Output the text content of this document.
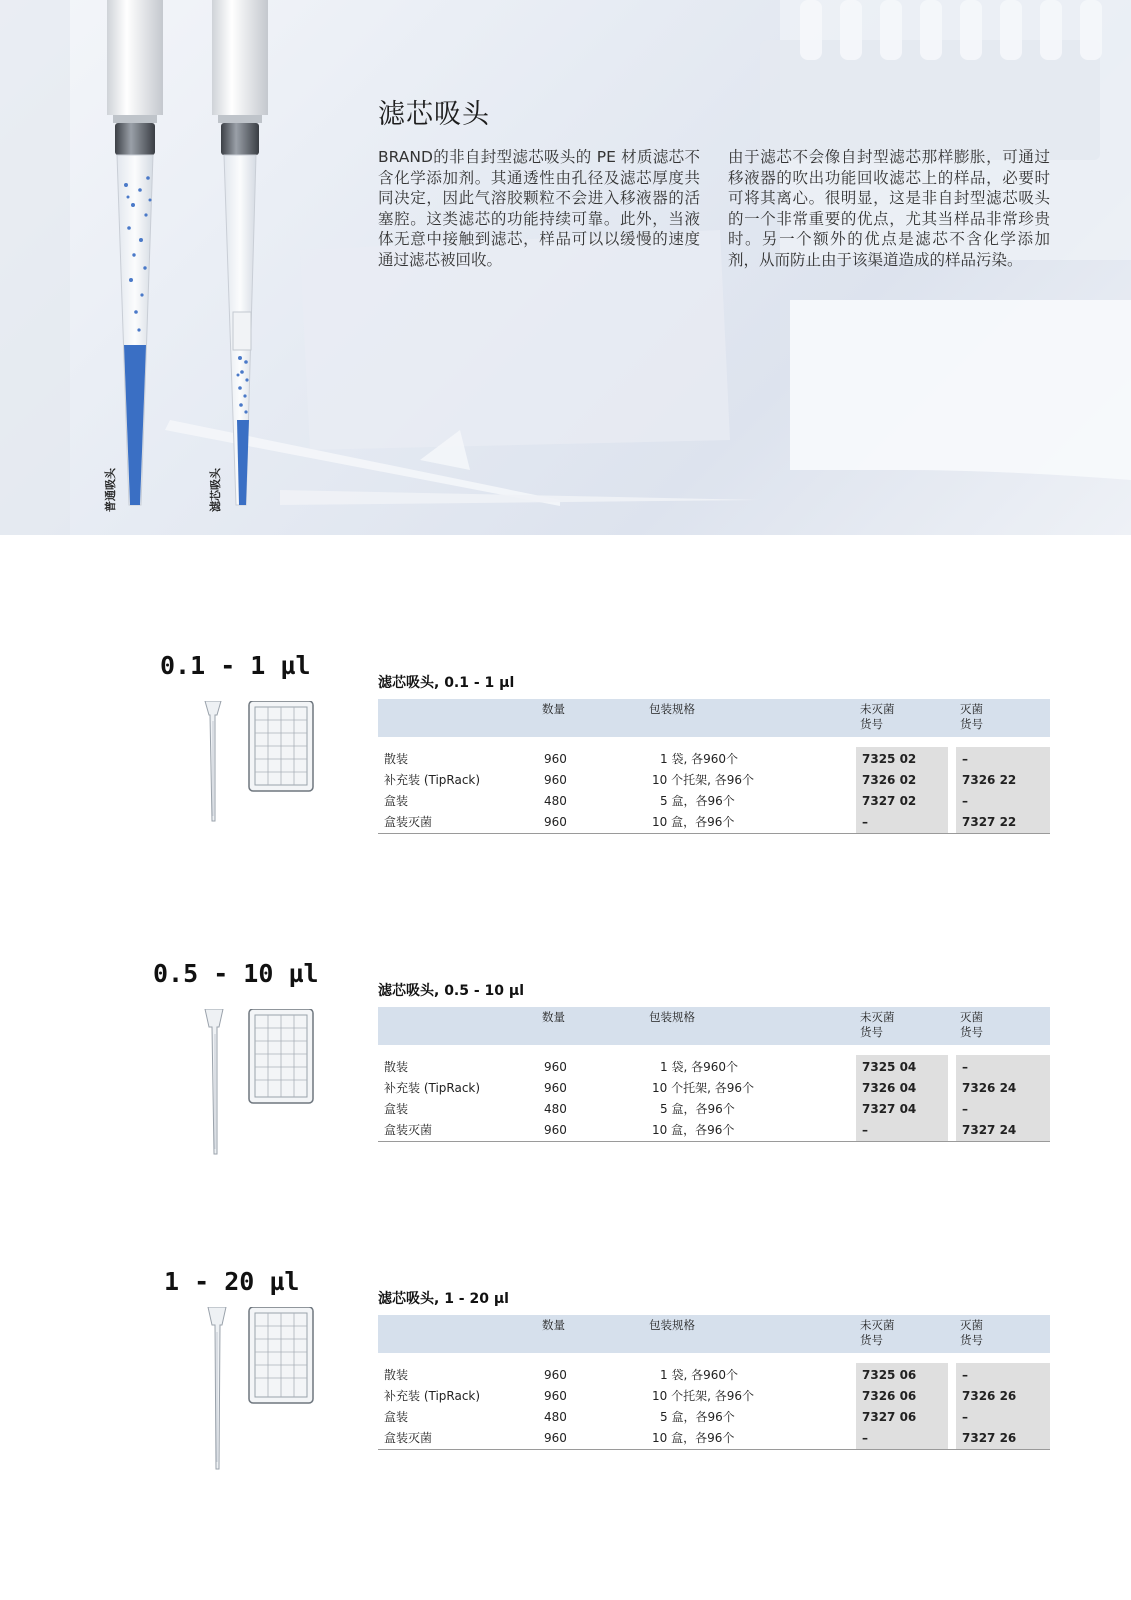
滤芯吸头

BRAND的非自封型滤芯吸头的 PE 材质滤芯不含化学添加剂。其通透性由孔径及滤芯厚度共同决定，因此气溶胶颗粒不会进入移液器的活塞腔。这类滤芯的功能持续可靠。此外，当液体无意中接触到滤芯，样品可以以缓慢的速度通过滤芯被回收。

由于滤芯不会像自封型滤芯那样膨胀，可通过移液器的吹出功能回收滤芯上的样品，必要时可将其离心。很明显，这是非自封型滤芯吸头的一个非常重要的优点，尤其当样品非常珍贵时。另一个额外的优点是滤芯不含化学添加剂，从而防止由于该渠道造成的样品污染。

普通吸头	滤芯吸头
0.1 - 1 µl
滤芯吸头, 0.1 - 1 µl
数量	包装规格	未灭菌
货号
灭菌
货号
散装	960	1 袋, 各960个	7325 02	–
补充装 (TipRack)	960	10 个托架, 各96个	7326 02	7326 22
盒装	480	5 盒，各96个	7327 02	–
盒装灭菌	960	10 盒，各96个	–	7327 22
0.5 - 10 µl
滤芯吸头, 0.5 - 10 µl
数量	包装规格	未灭菌
货号
灭菌
货号
散装	960	1 袋, 各960个	7325 04	–
补充装 (TipRack)	960	10 个托架, 各96个	7326 04	7326 24
盒装	480	5 盒，各96个	7327 04	–
盒装灭菌	960	10 盒，各96个	–	7327 24
1 - 20 µl
滤芯吸头, 1 - 20 µl
数量	包装规格	未灭菌
货号
灭菌
货号
散装	960	1 袋, 各960个	7325 06	–
补充装 (TipRack)	960	10 个托架, 各96个	7326 06	7326 26
盒装	480	5 盒，各96个	7327 06	–
盒装灭菌	960	10 盒，各96个	–	7327 26
